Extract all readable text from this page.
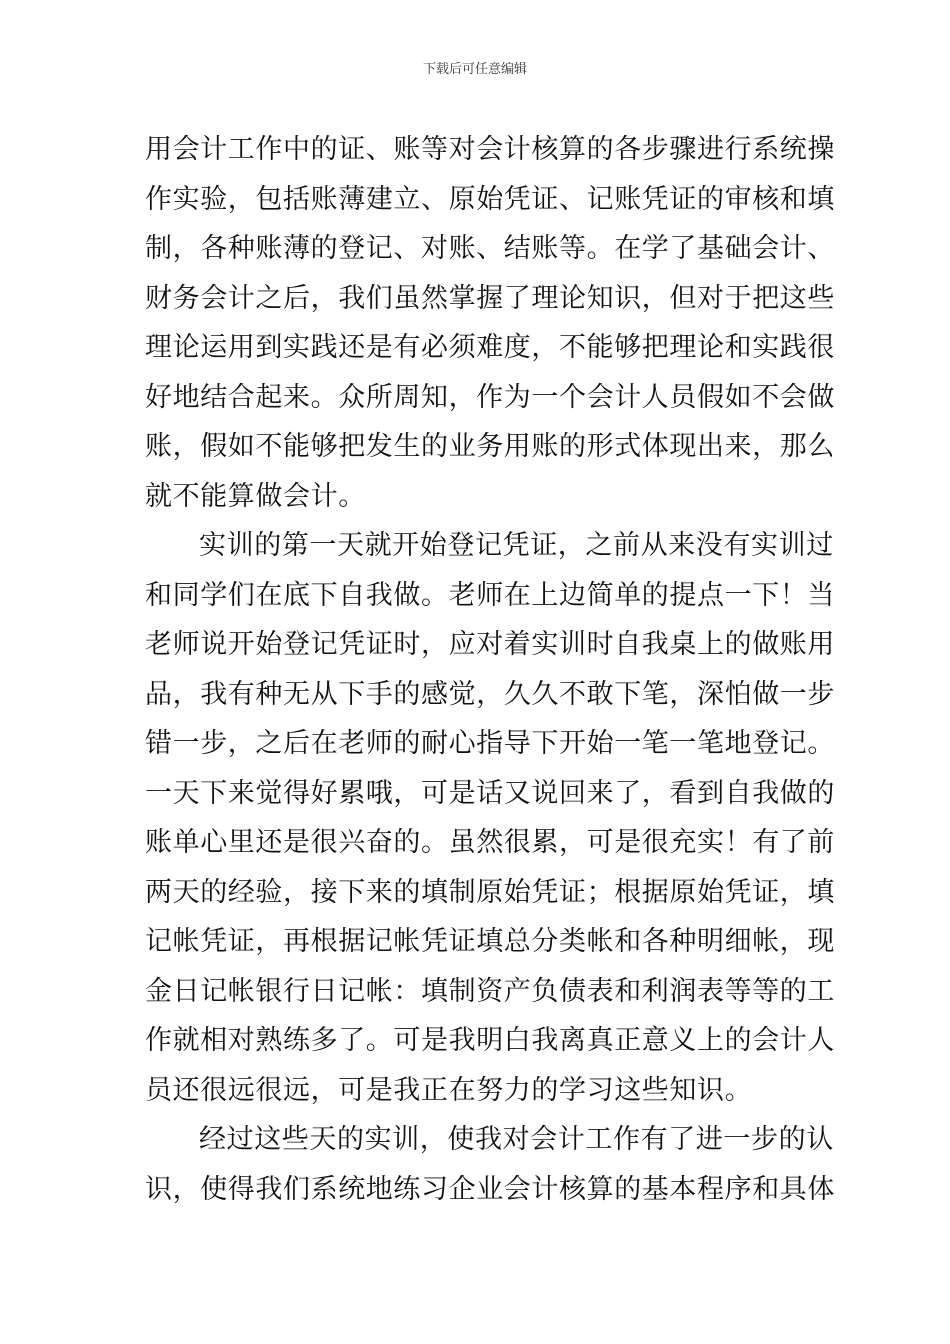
下载后可任意编辑
用会计工作中的证、账等对会计核算的各步骤进行系统操
作实验，包括账薄建立、原始凭证、记账凭证的审核和填
制，各种账薄的登记、对账、结账等。在学了基础会计、
财务会计之后，我们虽然掌握了理论知识，但对于把这些
理论运用到实践还是有必须难度，不能够把理论和实践很
好地结合起来。众所周知，作为一个会计人员假如不会做
账，假如不能够把发生的业务用账的形式体现出来，那么
就不能算做会计。
实训的第一天就开始登记凭证，之前从来没有实训过
和同学们在底下自我做。老师在上边简单的提点一下！当
老师说开始登记凭证时，应对着实训时自我桌上的做账用
品，我有种无从下手的感觉，久久不敢下笔，深怕做一步
错一步，之后在老师的耐心指导下开始一笔一笔地登记。
一天下来觉得好累哦，可是话又说回来了，看到自我做的
账单心里还是很兴奋的。虽然很累，可是很充实！有了前
两天的经验，接下来的填制原始凭证；根据原始凭证，填
记帐凭证，再根据记帐凭证填总分类帐和各种明细帐，现
金日记帐银行日记帐：填制资产负债表和利润表等等的工
作就相对熟练多了。可是我明白我离真正意义上的会计人
员还很远很远，可是我正在努力的学习这些知识。
经过这些天的实训，使我对会计工作有了进一步的认
识，使得我们系统地练习企业会计核算的基本程序和具体
